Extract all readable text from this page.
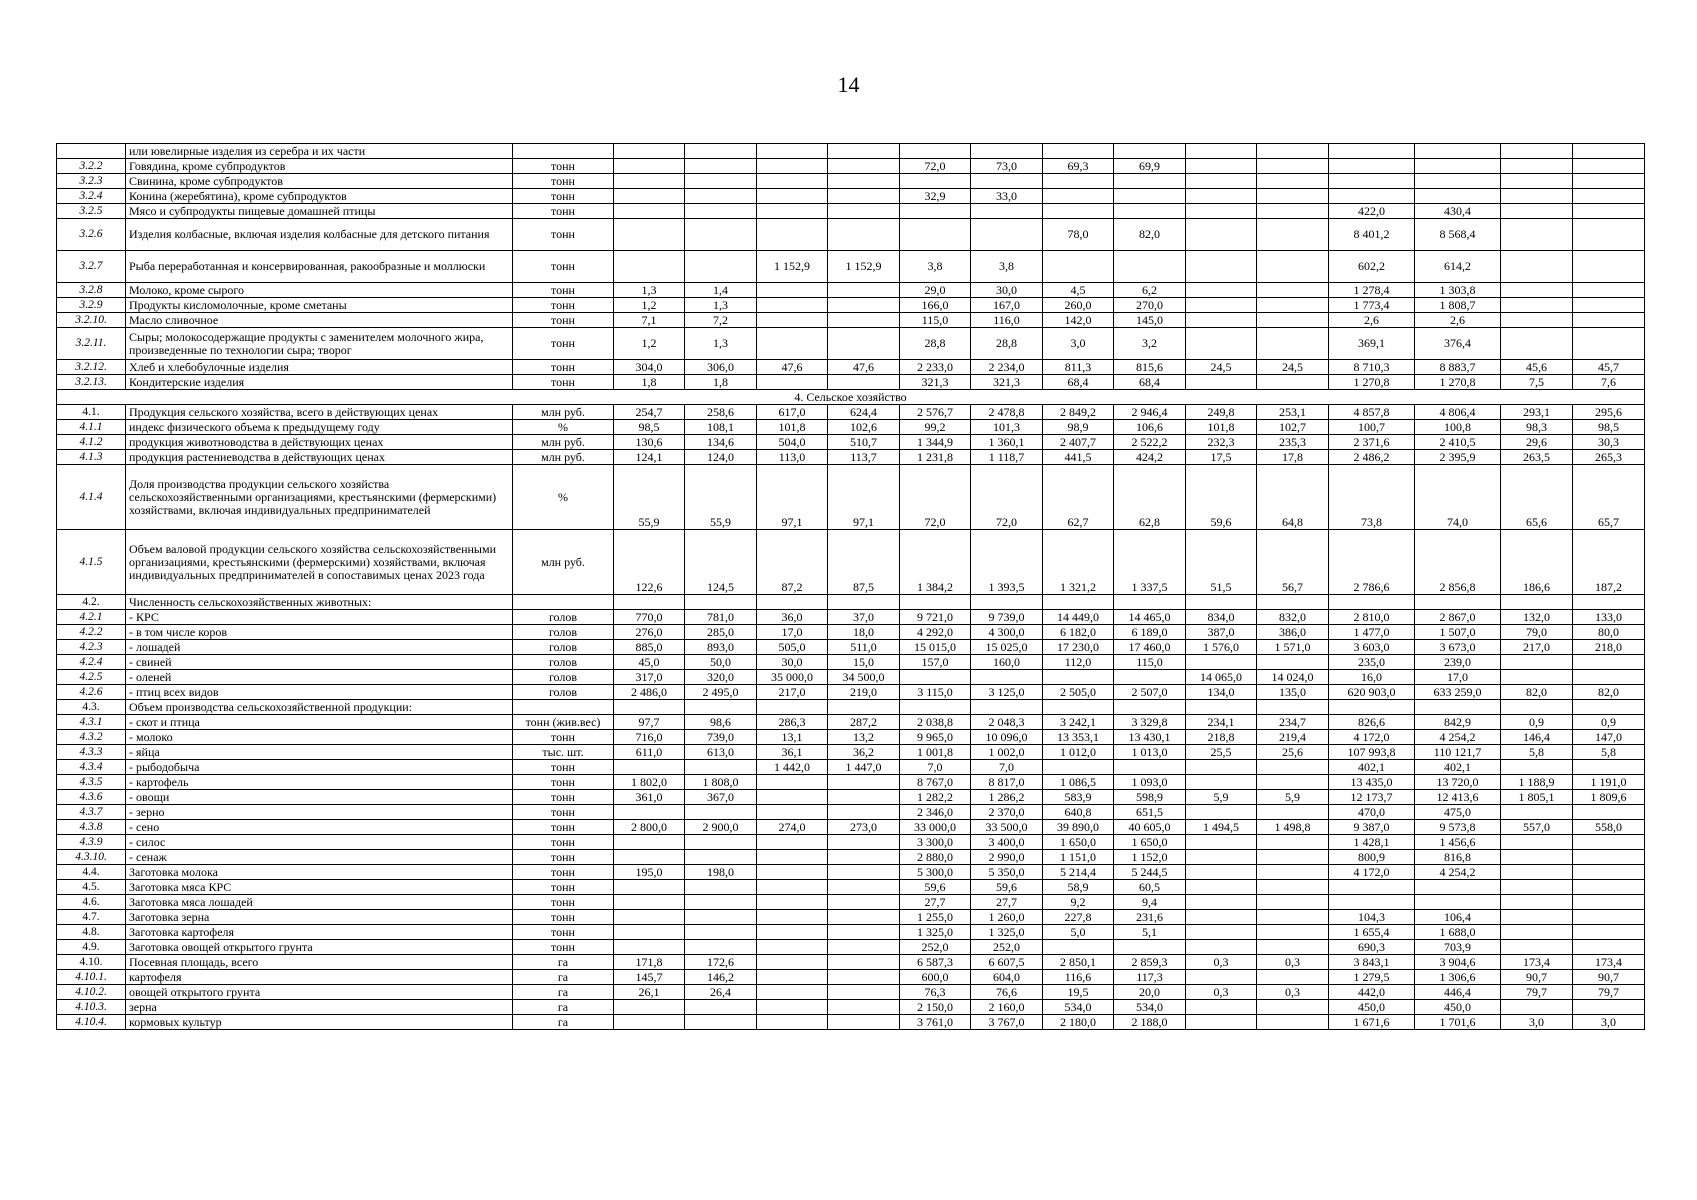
14
	или ювелирные изделия из серебра и их части															
3.2.2	Говядина, кроме субпродуктов	тонн					72,0	73,0	69,3	69,9						
3.2.3	Свинина, кроме субпродуктов	тонн														
3.2.4	Конина (жеребятина), кроме субпродуктов	тонн					32,9	33,0								
3.2.5	Мясо и субпродукты пищевые домашней птицы	тонн											422,0	430,4		
3.2.6	Изделия колбасные, включая изделия колбасные для детского питания	тонн							78,0	82,0			8 401,2	8 568,4		
3.2.7	Рыба переработанная и консервированная, ракообразные и моллюски	тонн			1 152,9	1 152,9	3,8	3,8					602,2	614,2		
3.2.8	Молоко, кроме сырого	тонн	1,3	1,4			29,0	30,0	4,5	6,2			1 278,4	1 303,8		
3.2.9	Продукты кисломолочные, кроме сметаны	тонн	1,2	1,3			166,0	167,0	260,0	270,0			1 773,4	1 808,7		
3.2.10.	Масло сливочное	тонн	7,1	7,2			115,0	116,0	142,0	145,0			2,6	2,6		
3.2.11.	Сыры; молокосодержащие продукты с заменителем молочного жира, произведенные по технологии сыра; творог	тонн	1,2	1,3			28,8	28,8	3,0	3,2			369,1	376,4		
3.2.12.	Хлеб и хлебобулочные изделия	тонн	304,0	306,0	47,6	47,6	2 233,0	2 234,0	811,3	815,6	24,5	24,5	8 710,3	8 883,7	45,6	45,7
3.2.13.	Кондитерские изделия	тонн	1,8	1,8			321,3	321,3	68,4	68,4			1 270,8	1 270,8	7,5	7,6
4. Сельское хозяйство																
4.1.	Продукция сельского хозяйства, всего в действующих ценах	млн руб.	254,7	258,6	617,0	624,4	2 576,7	2 478,8	2 849,2	2 946,4	249,8	253,1	4 857,8	4 806,4	293,1	295,6
4.1.1	индекс физического объема к предыдущему году	%	98,5	108,1	101,8	102,6	99,2	101,3	98,9	106,6	101,8	102,7	100,7	100,8	98,3	98,5
4.1.2	продукция животноводства в действующих ценах	млн руб.	130,6	134,6	504,0	510,7	1 344,9	1 360,1	2 407,7	2 522,2	232,3	235,3	2 371,6	2 410,5	29,6	30,3
4.1.3	продукция растениеводства в действующих ценах	млн руб.	124,1	124,0	113,0	113,7	1 231,8	1 118,7	441,5	424,2	17,5	17,8	2 486,2	2 395,9	263,5	265,3
4.1.4	Доля производства продукции сельского хозяйства сельскохозяйственными организациями, крестьянскими (фермерскими) хозяйствами, включая индивидуальных предпринимателей	%	55,9	55,9	97,1	97,1	72,0	72,0	62,7	62,8	59,6	64,8	73,8	74,0	65,6	65,7
4.1.5	Объем валовой продукции сельского хозяйства сельскохозяйственными организациями, крестьянскими (фермерскими) хозяйствами, включая индивидуальных предпринимателей в сопоставимых ценах 2023 года	млн руб.	122,6	124,5	87,2	87,5	1 384,2	1 393,5	1 321,2	1 337,5	51,5	56,7	2 786,6	2 856,8	186,6	187,2
4.2.	Численность сельскохозяйственных животных:															
4.2.1	- КРС	голов	770,0	781,0	36,0	37,0	9 721,0	9 739,0	14 449,0	14 465,0	834,0	832,0	2 810,0	2 867,0	132,0	133,0
4.2.2	- в том числе коров	голов	276,0	285,0	17,0	18,0	4 292,0	4 300,0	6 182,0	6 189,0	387,0	386,0	1 477,0	1 507,0	79,0	80,0
4.2.3	- лошадей	голов	885,0	893,0	505,0	511,0	15 015,0	15 025,0	17 230,0	17 460,0	1 576,0	1 571,0	3 603,0	3 673,0	217,0	218,0
4.2.4	- свиней	голов	45,0	50,0	30,0	15,0	157,0	160,0	112,0	115,0			235,0	239,0		
4.2.5	- оленей	голов	317,0	320,0	35 000,0	34 500,0					14 065,0	14 024,0	16,0	17,0		
4.2.6	- птиц всех видов	голов	2 486,0	2 495,0	217,0	219,0	3 115,0	3 125,0	2 505,0	2 507,0	134,0	135,0	620 903,0	633 259,0	82,0	82,0
4.3.	Объем производства сельскохозяйственной продукции:															
4.3.1	- скот и птица	тонн (жив.вес)	97,7	98,6	286,3	287,2	2 038,8	2 048,3	3 242,1	3 329,8	234,1	234,7	826,6	842,9	0,9	0,9
4.3.2	- молоко	тонн	716,0	739,0	13,1	13,2	9 965,0	10 096,0	13 353,1	13 430,1	218,8	219,4	4 172,0	4 254,2	146,4	147,0
4.3.3	- яйца	тыс. шт.	611,0	613,0	36,1	36,2	1 001,8	1 002,0	1 012,0	1 013,0	25,5	25,6	107 993,8	110 121,7	5,8	5,8
4.3.4	- рыбодобыча	тонн			1 442,0	1 447,0	7,0	7,0					402,1	402,1		
4.3.5	- картофель	тонн	1 802,0	1 808,0			8 767,0	8 817,0	1 086,5	1 093,0			13 435,0	13 720,0	1 188,9	1 191,0
4.3.6	- овощи	тонн	361,0	367,0			1 282,2	1 286,2	583,9	598,9	5,9	5,9	12 173,7	12 413,6	1 805,1	1 809,6
4.3.7	- зерно	тонн					2 346,0	2 370,0	640,8	651,5			470,0	475,0		
4.3.8	- сено	тонн	2 800,0	2 900,0	274,0	273,0	33 000,0	33 500,0	39 890,0	40 605,0	1 494,5	1 498,8	9 387,0	9 573,8	557,0	558,0
4.3.9	- силос	тонн					3 300,0	3 400,0	1 650,0	1 650,0			1 428,1	1 456,6		
4.3.10.	- сенаж	тонн					2 880,0	2 990,0	1 151,0	1 152,0			800,9	816,8		
4.4.	Заготовка молока	тонн	195,0	198,0			5 300,0	5 350,0	5 214,4	5 244,5			4 172,0	4 254,2		
4.5.	Заготовка мяса КРС	тонн					59,6	59,6	58,9	60,5						
4.6.	Заготовка мяса лошадей	тонн					27,7	27,7	9,2	9,4						
4.7.	Заготовка зерна	тонн					1 255,0	1 260,0	227,8	231,6			104,3	106,4		
4.8.	Заготовка картофеля	тонн					1 325,0	1 325,0	5,0	5,1			1 655,4	1 688,0		
4.9.	Заготовка овощей открытого грунта	тонн					252,0	252,0					690,3	703,9		
4.10.	Посевная площадь, всего	га	171,8	172,6			6 587,3	6 607,5	2 850,1	2 859,3	0,3	0,3	3 843,1	3 904,6	173,4	173,4
4.10.1.	картофеля	га	145,7	146,2			600,0	604,0	116,6	117,3			1 279,5	1 306,6	90,7	90,7
4.10.2.	овощей открытого грунта	га	26,1	26,4			76,3	76,6	19,5	20,0	0,3	0,3	442,0	446,4	79,7	79,7
4.10.3.	зерна	га					2 150,0	2 160,0	534,0	534,0			450,0	450,0		
4.10.4.	кормовых культур	га					3 761,0	3 767,0	2 180,0	2 188,0			1 671,6	1 701,6	3,0	3,0
